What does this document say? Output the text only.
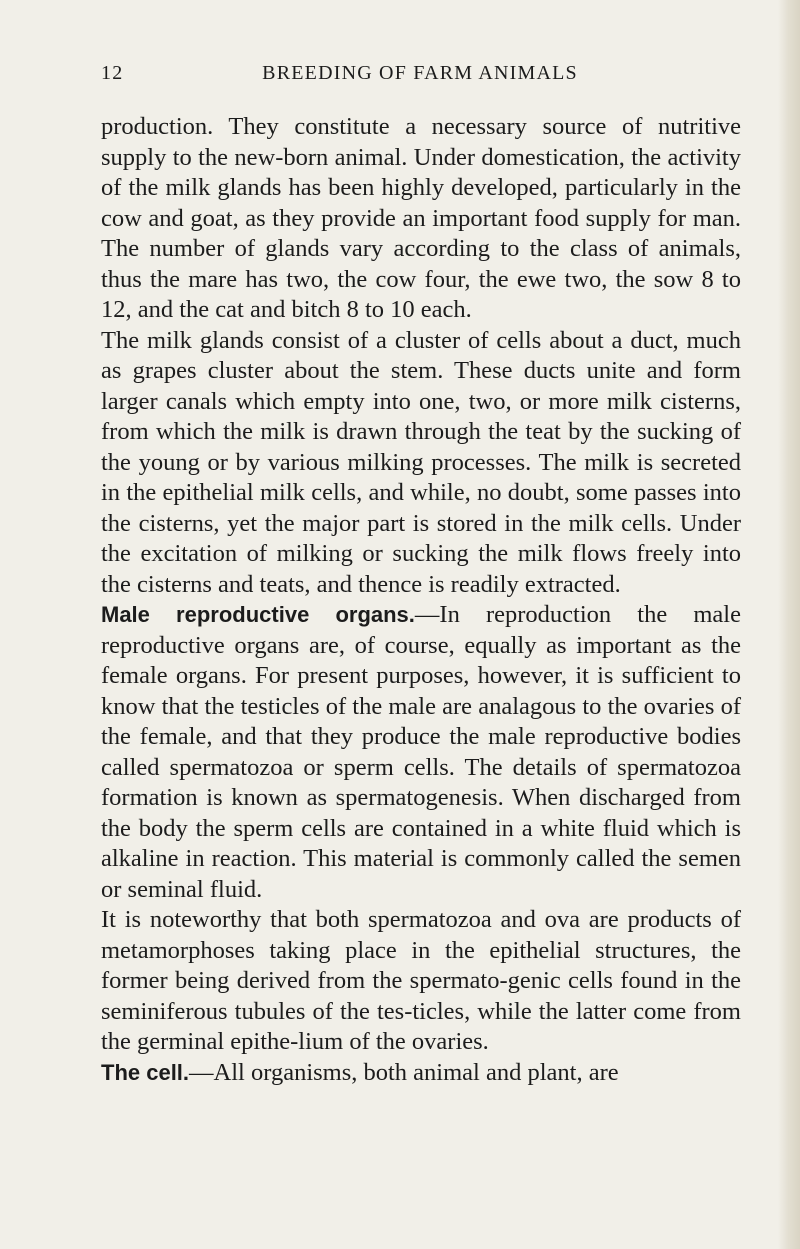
12	BREEDING OF FARM ANIMALS

production. They constitute a necessary source of nutritive supply to the new-born animal. Under domestication, the activity of the milk glands has been highly developed, particularly in the cow and goat, as they provide an important food supply for man. The number of glands vary according to the class of animals, thus the mare has two, the cow four, the ewe two, the sow 8 to 12, and the cat and bitch 8 to 10 each.

The milk glands consist of a cluster of cells about a duct, much as grapes cluster about the stem. These ducts unite and form larger canals which empty into one, two, or more milk cisterns, from which the milk is drawn through the teat by the sucking of the young or by various milking processes. The milk is secreted in the epithelial milk cells, and while, no doubt, some passes into the cisterns, yet the major part is stored in the milk cells. Under the excitation of milking or sucking the milk flows freely into the cisterns and teats, and thence is readily extracted.

Male reproductive organs.—In reproduction the male reproductive organs are, of course, equally as important as the female organs. For present purposes, however, it is sufficient to know that the testicles of the male are analagous to the ovaries of the female, and that they produce the male reproductive bodies called spermatozoa or sperm cells. The details of spermatozoa formation is known as spermatogenesis. When discharged from the body the sperm cells are contained in a white fluid which is alkaline in reaction. This material is commonly called the semen or seminal fluid.

It is noteworthy that both spermatozoa and ova are products of metamorphoses taking place in the epithelial structures, the former being derived from the spermato-genic cells found in the seminiferous tubules of the tes-ticles, while the latter come from the germinal epithe-lium of the ovaries.

The cell.—All organisms, both animal and plant, are
